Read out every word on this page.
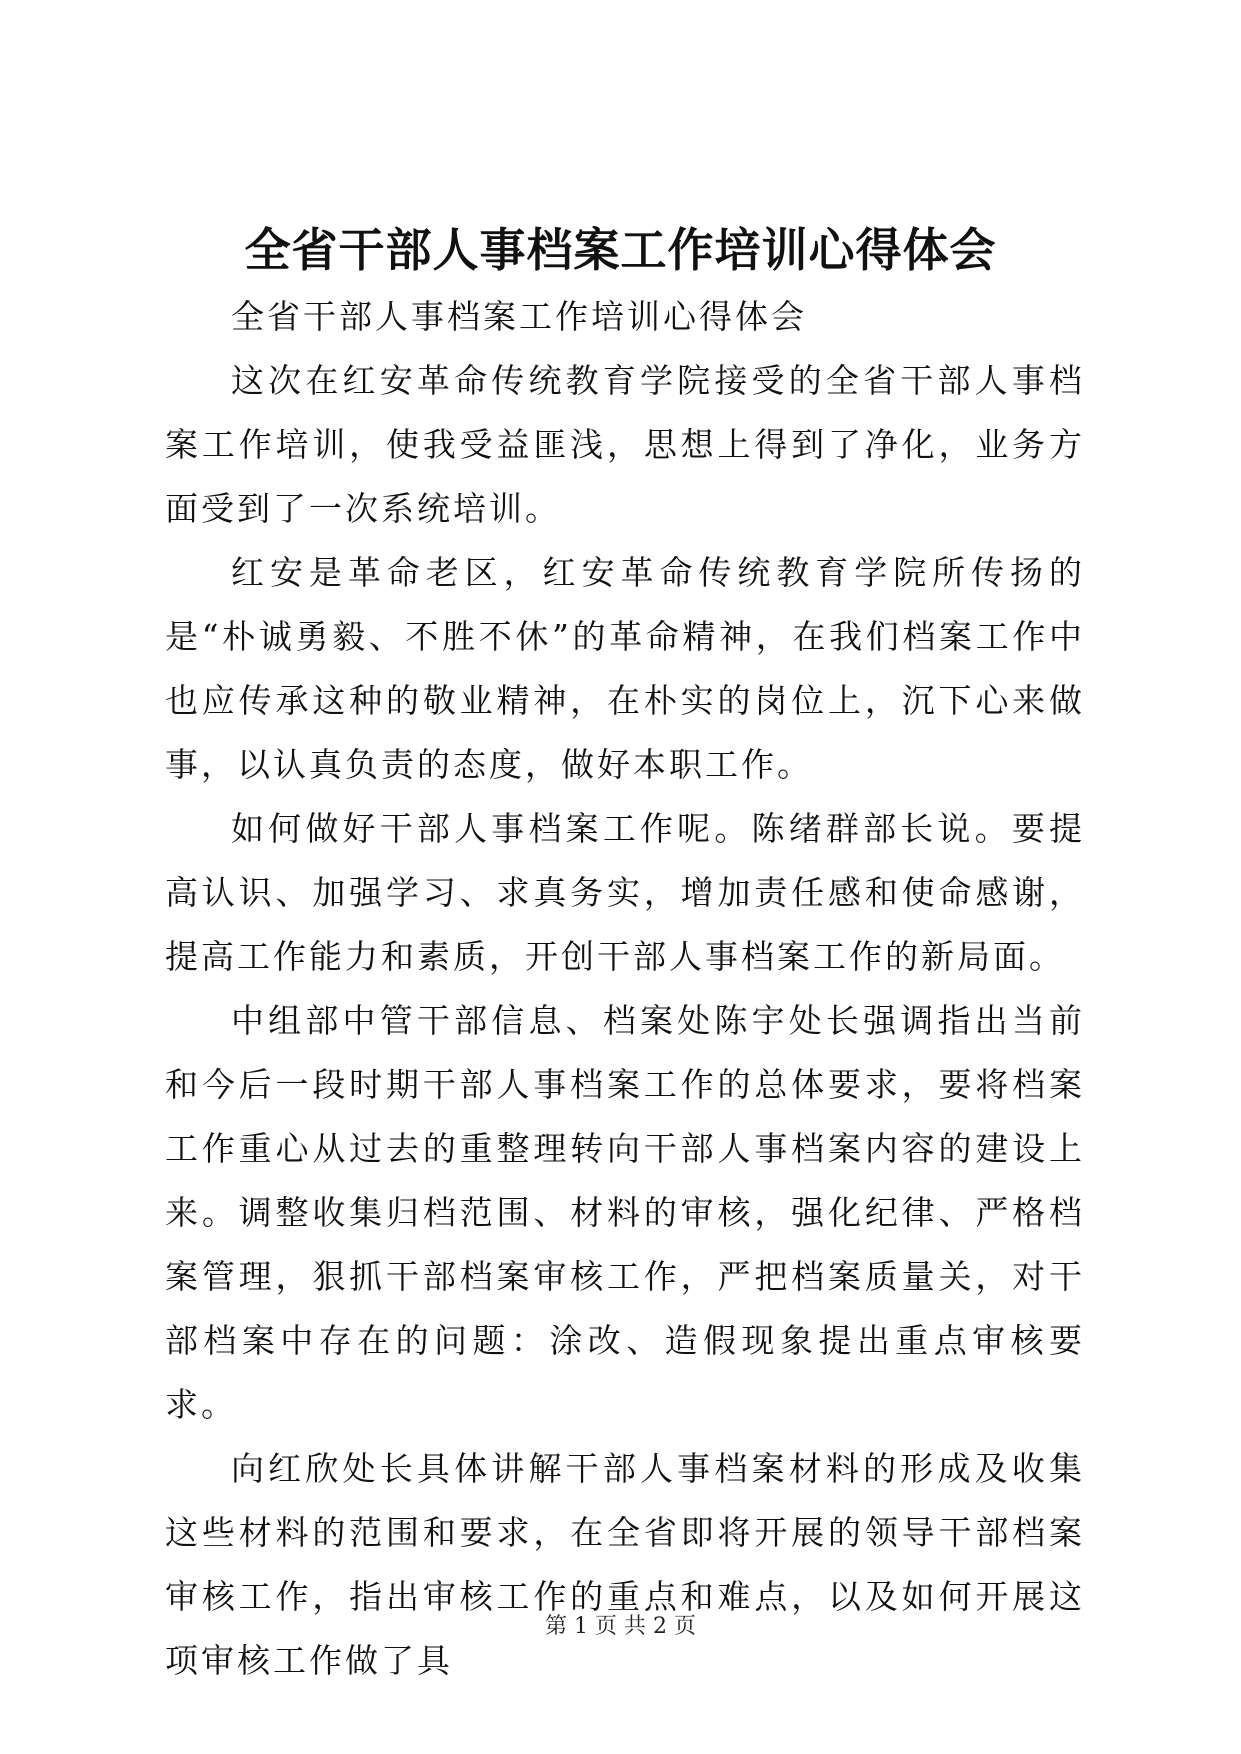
全省干部人事档案工作培训心得体会

全省干部人事档案工作培训心得体会

这次在红安革命传统教育学院接受的全省干部人事档案工作培训，使我受益匪浅，思想上得到了净化，业务方面受到了一次系统培训。

红安是革命老区，红安革命传统教育学院所传扬的是“朴诚勇毅、不胜不休”的革命精神，在我们档案工作中也应传承这种的敬业精神，在朴实的岗位上，沉下心来做事，以认真负责的态度，做好本职工作。

如何做好干部人事档案工作呢。陈绪群部长说。要提高认识、加强学习、求真务实，增加责任感和使命感谢，提高工作能力和素质，开创干部人事档案工作的新局面。

中组部中管干部信息、档案处陈宇处长强调指出当前和今后一段时期干部人事档案工作的总体要求，要将档案工作重心从过去的重整理转向干部人事档案内容的建设上来。调整收集归档范围、材料的审核，强化纪律、严格档案管理，狠抓干部档案审核工作，严把档案质量关，对干部档案中存在的问题：涂改、造假现象提出重点审核要求。

向红欣处长具体讲解干部人事档案材料的形成及收集这些材料的范围和要求，在全省即将开展的领导干部档案审核工作，指出审核工作的重点和难点，以及如何开展这项审核工作做了具

第 1 页 共 2 页
